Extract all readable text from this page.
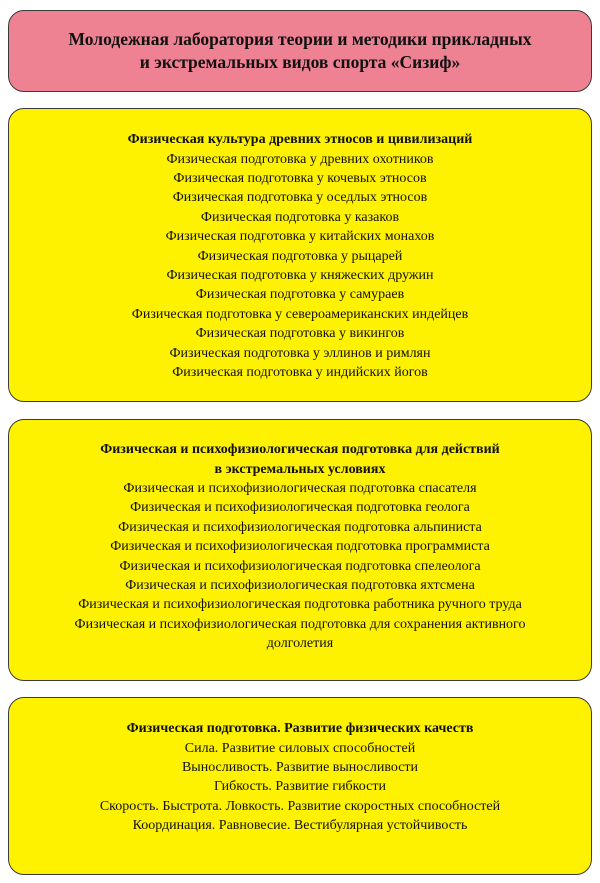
Молодежная лаборатория теории и методики прикладных
и экстремальных видов спорта «Сизиф»
Физическая культура древних этносов и цивилизаций
Физическая подготовка у древних охотников
Физическая подготовка у кочевых этносов
Физическая подготовка у оседлых этносов
Физическая подготовка у казаков
Физическая подготовка у китайских монахов
Физическая подготовка у рыцарей
Физическая подготовка у княжеских дружин
Физическая подготовка у самураев
Физическая подготовка у североамериканских индейцев
Физическая подготовка у викингов
Физическая подготовка у эллинов и римлян
Физическая подготовка у индийских йогов
Физическая и психофизиологическая подготовка для действий
в экстремальных условиях
Физическая и психофизиологическая подготовка спасателя
Физическая и психофизиологическая подготовка геолога
Физическая и психофизиологическая подготовка альпиниста
Физическая и психофизиологическая подготовка программиста
Физическая и психофизиологическая подготовка спелеолога
Физическая и психофизиологическая подготовка яхтсмена
Физическая и психофизиологическая подготовка работника ручного труда
Физическая и психофизиологическая подготовка для сохранения активного
долголетия
Физическая подготовка. Развитие физических качеств
Сила. Развитие силовых способностей
Выносливость. Развитие выносливости
Гибкость. Развитие гибкости
Скорость. Быстрота. Ловкость. Развитие скоростных способностей
Координация. Равновесие. Вестибулярная устойчивость
